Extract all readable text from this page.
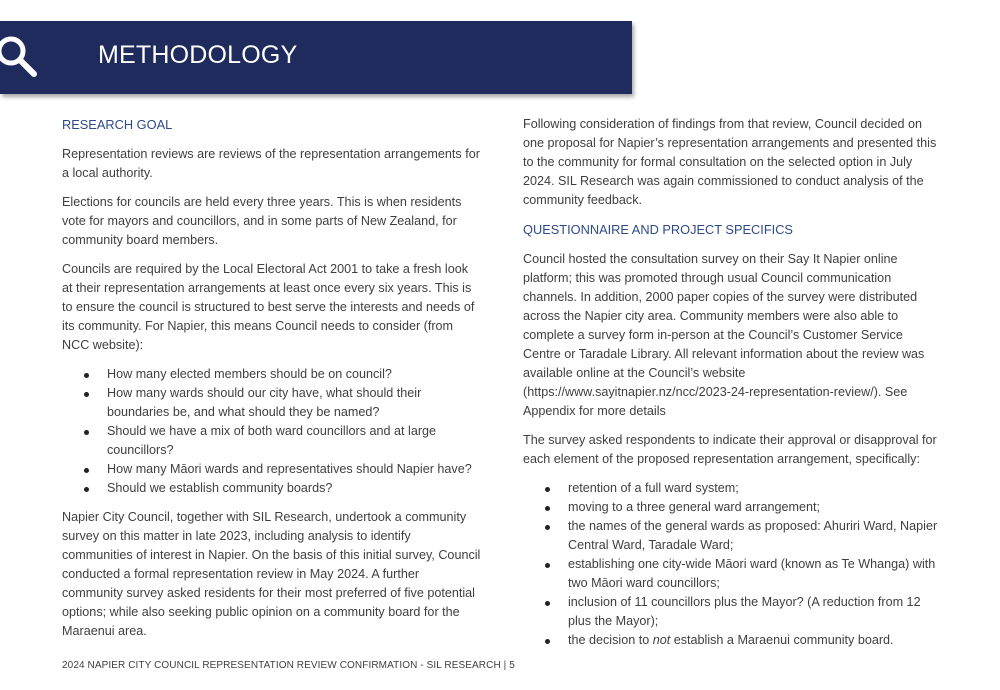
METHODOLOGY
RESEARCH GOAL

Representation reviews are reviews of the representation arrangements for a local authority.

Elections for councils are held every three years. This is when residents vote for mayors and councillors, and in some parts of New Zealand, for community board members.

Councils are required by the Local Electoral Act 2001 to take a fresh look at their representation arrangements at least once every six years. This is to ensure the council is structured to best serve the interests and needs of its community. For Napier, this means Council needs to consider (from NCC website):

How many elected members should be on council?
How many wards should our city have, what should their boundaries be, and what should they be named?
Should we have a mix of both ward councillors and at large councillors?
How many Māori wards and representatives should Napier have?
Should we establish community boards?

Napier City Council, together with SIL Research, undertook a community survey on this matter in late 2023, including analysis to identify communities of interest in Napier. On the basis of this initial survey, Council conducted a formal representation review in May 2024. A further community survey asked residents for their most preferred of five potential options; while also seeking public opinion on a community board for the Maraenui area.

Following consideration of findings from that review, Council decided on one proposal for Napier’s representation arrangements and presented this to the community for formal consultation on the selected option in July 2024. SIL Research was again commissioned to conduct analysis of the community feedback.

QUESTIONNAIRE AND PROJECT SPECIFICS

Council hosted the consultation survey on their Say It Napier online platform; this was promoted through usual Council communication channels. In addition, 2000 paper copies of the survey were distributed across the Napier city area. Community members were also able to complete a survey form in-person at the Council’s Customer Service Centre or Taradale Library. All relevant information about the review was available online at the Council’s website (https://www.sayitnapier.nz/ncc/2023-24-representation-review/). See Appendix for more details

The survey asked respondents to indicate their approval or disapproval for each element of the proposed representation arrangement, specifically:

retention of a full ward system;
moving to a three general ward arrangement;
the names of the general wards as proposed: Ahuriri Ward, Napier Central Ward, Taradale Ward;
establishing one city-wide Māori ward (known as Te Whanga) with two Māori ward councillors;
inclusion of 11 councillors plus the Mayor? (A reduction from 12 plus the Mayor);
the decision to not establish a Maraenui community board.
2024 NAPIER CITY COUNCIL REPRESENTATION REVIEW CONFIRMATION - SIL RESEARCH | 5
